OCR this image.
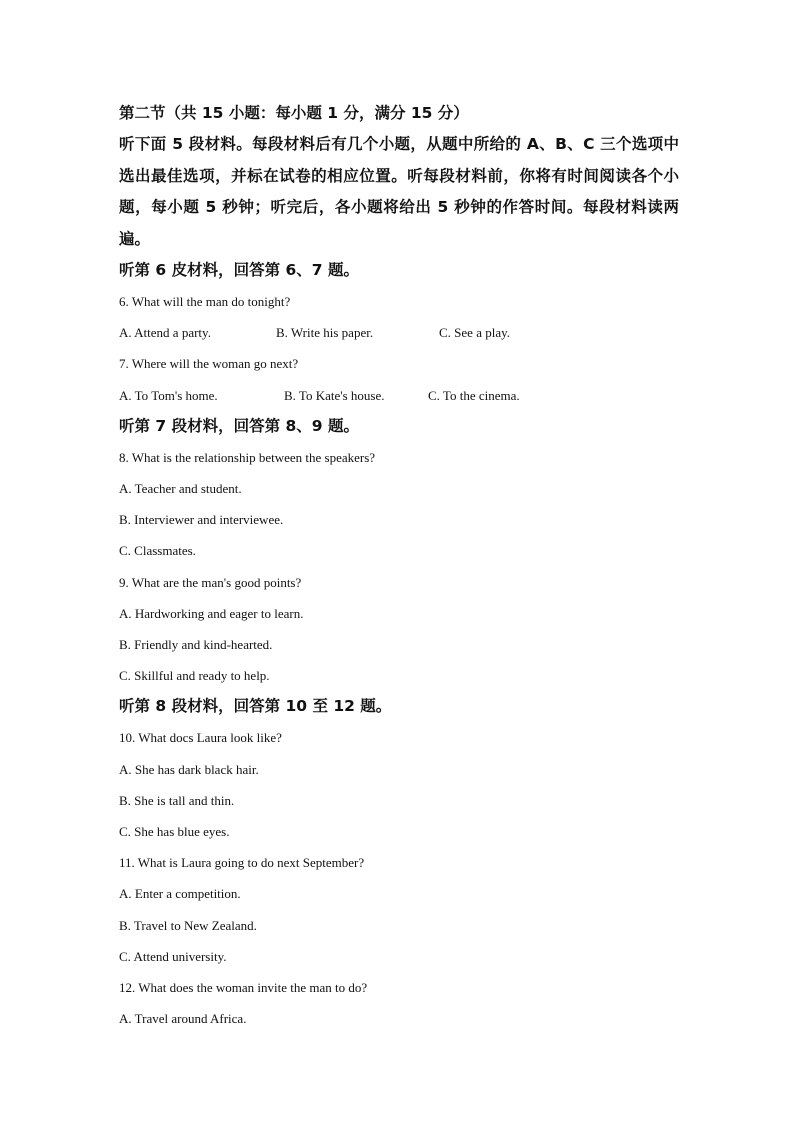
第二节（共 15 小题：每小题 1 分，满分 15 分）

听下面 5 段材料。每段材料后有几个小题，从题中所给的 A、B、C 三个选项中选出最佳选项，并标在试卷的相应位置。听每段材料前，你将有时间阅读各个小题，每小题 5 秒钟；听完后，各小题将给出 5 秒钟的作答时间。每段材料读两遍。

听第 6 皮材料，回答第 6、7 题。

6. What will the man do tonight?

A. Attend a party.	B. Write his paper.	C. See a play.

7. Where will the woman go next?

A. To Tom's home.	B. To Kate's house.	C. To the cinema.

听第 7 段材料，回答第 8、9 题。

8. What is the relationship between the speakers?

A. Teacher and student.

B. Interviewer and interviewee.

C. Classmates.

9. What are the man's good points?

A. Hardworking and eager to learn.

B. Friendly and kind-hearted.

C. Skillful and ready to help.

听第 8 段材料，回答第 10 至 12 题。

10. What docs Laura look like?

A. She has dark black hair.

B. She is tall and thin.

C. She has blue eyes.

11. What is Laura going to do next September?

A. Enter a competition.

B. Travel to New Zealand.

C. Attend university.

12. What does the woman invite the man to do?

A. Travel around Africa.
